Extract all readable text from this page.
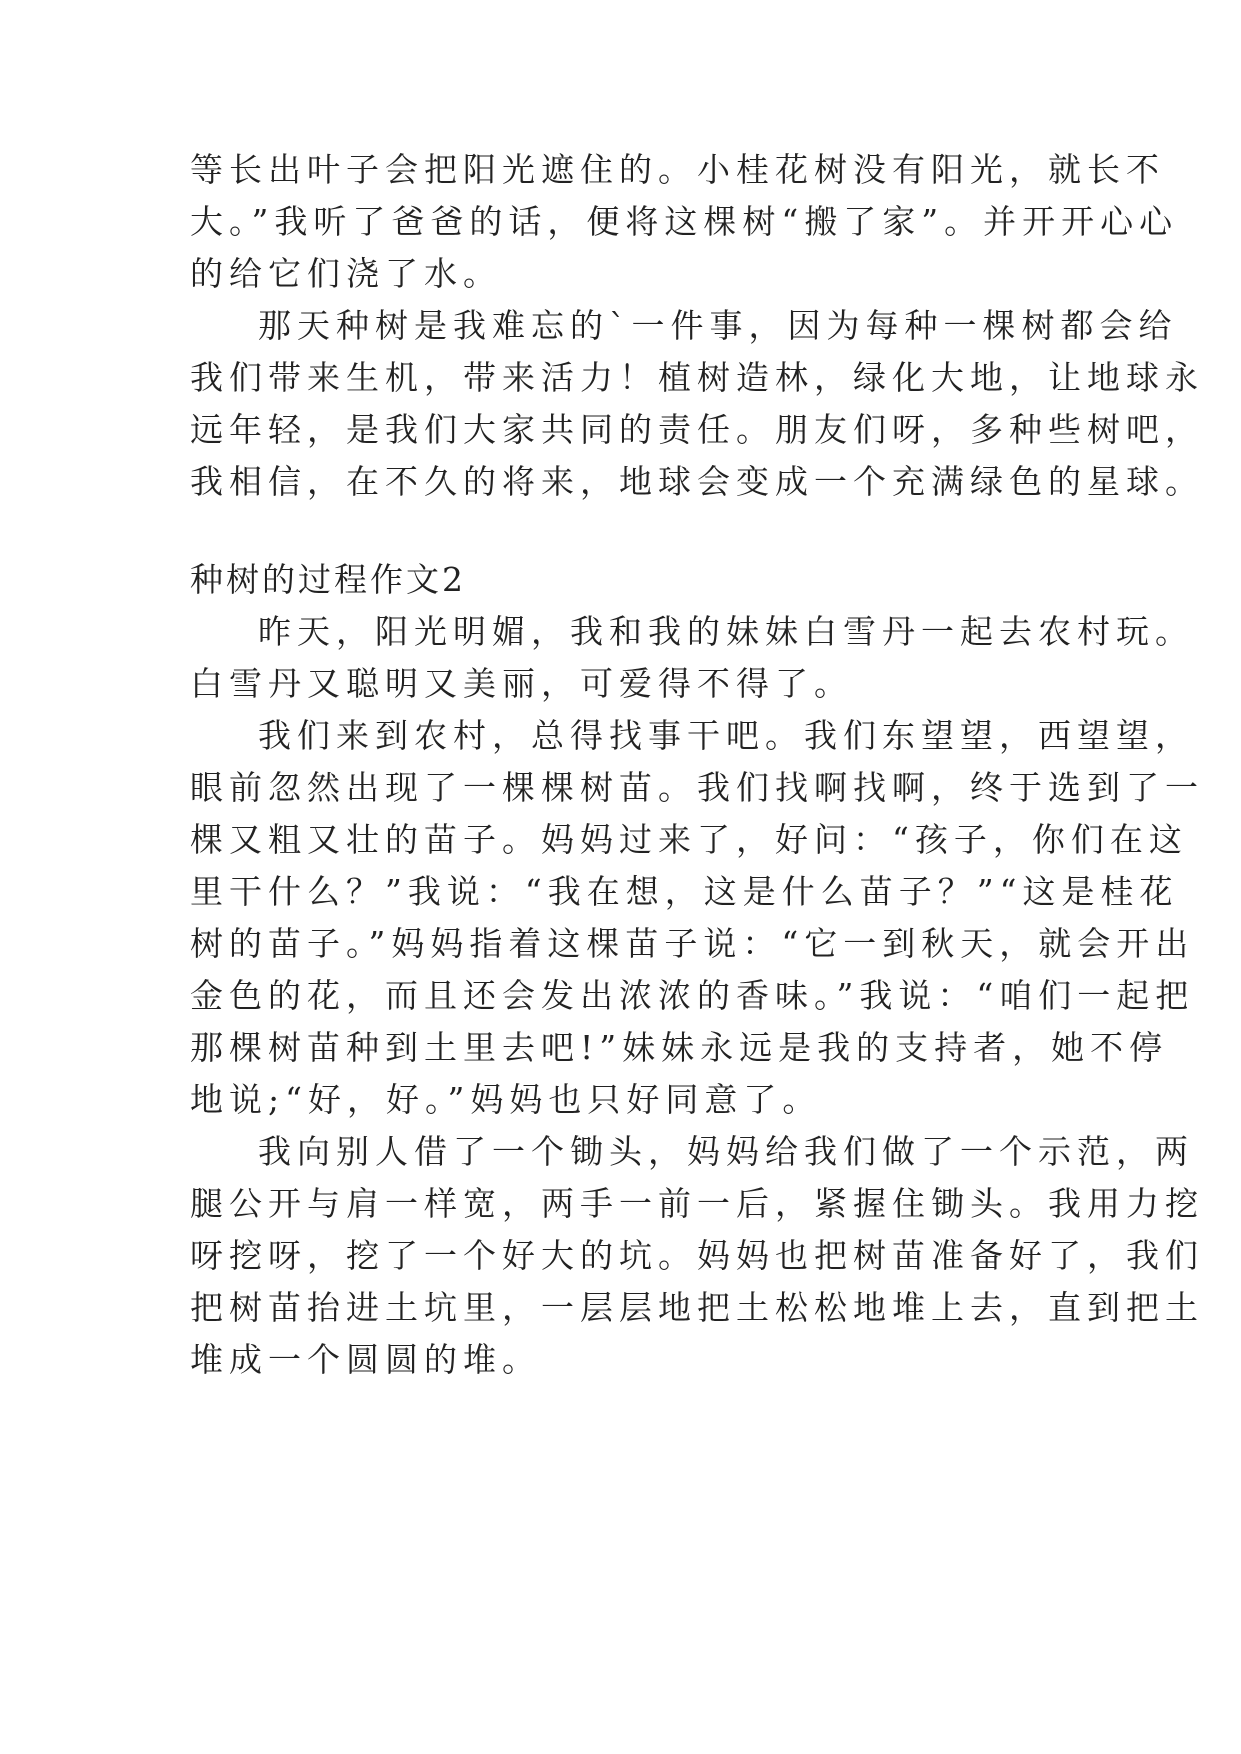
等长出叶子会把阳光遮住的。小桂花树没有阳光，就长不
大。”我听了爸爸的话，便将这棵树“搬了家”。并开开心心
的给它们浇了水。
那天种树是我难忘的`一件事，因为每种一棵树都会给
我们带来生机，带来活力！植树造林，绿化大地，让地球永
远年轻，是我们大家共同的责任。朋友们呀，多种些树吧，
我相信，在不久的将来，地球会变成一个充满绿色的星球。
种树的过程作文2
昨天，阳光明媚，我和我的妹妹白雪丹一起去农村玩。
白雪丹又聪明又美丽，可爱得不得了。
我们来到农村，总得找事干吧。我们东望望，西望望，
眼前忽然出现了一棵棵树苗。我们找啊找啊，终于选到了一
棵又粗又壮的苗子。妈妈过来了，好问：“孩子，你们在这
里干什么？”我说：“我在想，这是什么苗子？”“这是桂花
树的苗子。”妈妈指着这棵苗子说：“它一到秋天，就会开出
金色的花，而且还会发出浓浓的香味。”我说：“咱们一起把
那棵树苗种到土里去吧!”妹妹永远是我的支持者，她不停
地说;“好，好。”妈妈也只好同意了。
我向别人借了一个锄头，妈妈给我们做了一个示范，两
腿公开与肩一样宽，两手一前一后，紧握住锄头。我用力挖
呀挖呀，挖了一个好大的坑。妈妈也把树苗准备好了，我们
把树苗抬进土坑里，一层层地把土松松地堆上去，直到把土
堆成一个圆圆的堆。
